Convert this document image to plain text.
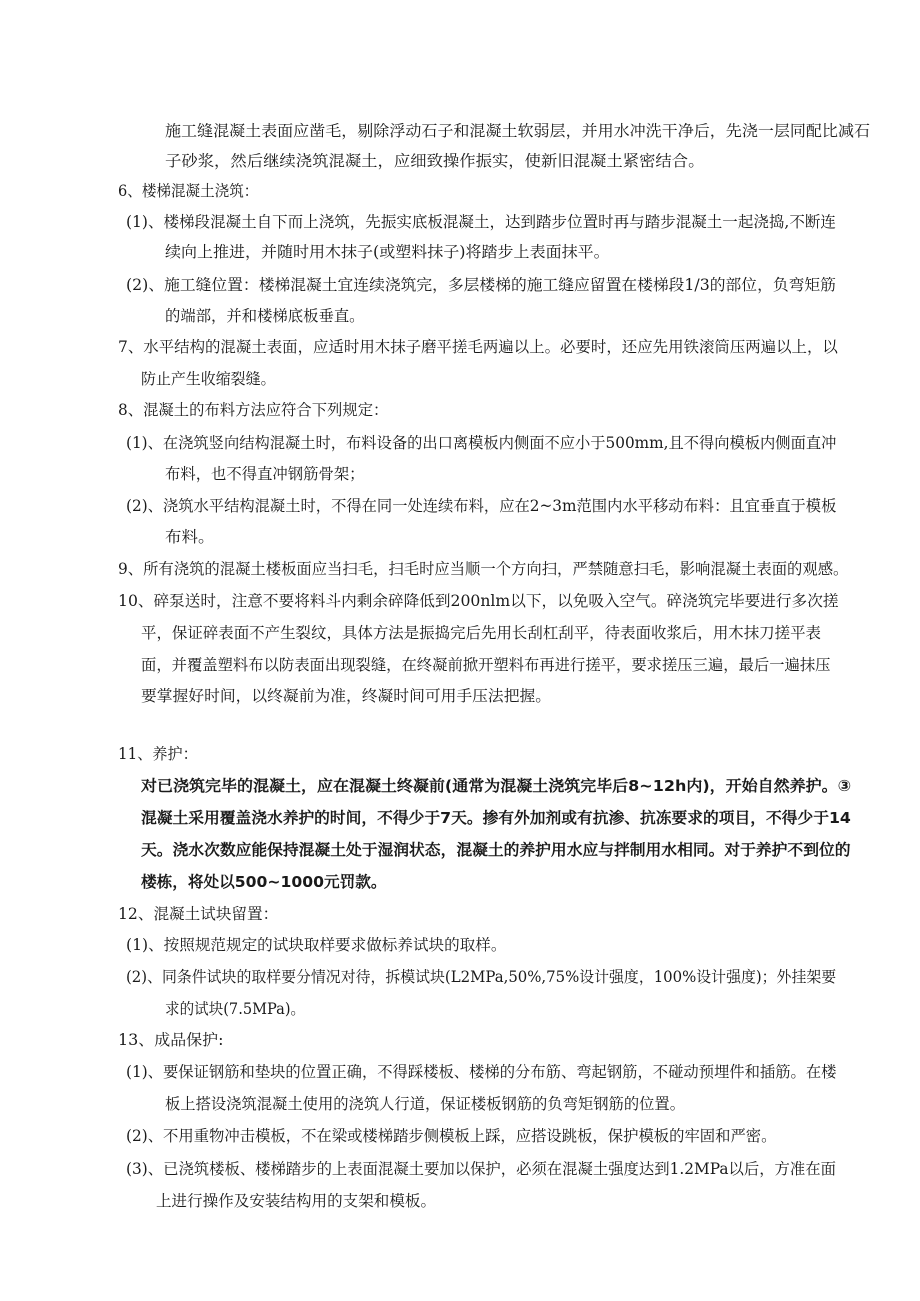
施工缝混凝土表面应凿毛，剔除浮动石子和混凝土软弱层，并用水冲洗干净后，先浇一层同配比减石
子砂浆，然后继续浇筑混凝土，应细致操作振实，使新旧混凝土紧密结合。
6、楼梯混凝土浇筑：
(1)、楼梯段混凝土自下而上浇筑，先振实底板混凝土，达到踏步位置时再与踏步混凝土一起浇捣,不断连
续向上推进，并随时用木抹子(或塑料抹子)将踏步上表面抹平。
(2)、施工缝位置：楼梯混凝土宜连续浇筑完，多层楼梯的施工缝应留置在楼梯段1/3的部位，负弯矩筋
的端部，并和楼梯底板垂直。
7、水平结构的混凝土表面，应适时用木抹子磨平搓毛两遍以上。必要时，还应先用铁滚筒压两遍以上，以
防止产生收缩裂缝。
8、混凝土的布料方法应符合下列规定：
(1)、在浇筑竖向结构混凝土时，布料设备的出口离模板内侧面不应小于500mm,且不得向模板内侧面直冲
布料，也不得直冲钢筋骨架；
(2)、浇筑水平结构混凝土时，不得在同一处连续布料，应在2~3m范围内水平移动布料：且宜垂直于模板
布料。
9、所有浇筑的混凝土楼板面应当扫毛，扫毛时应当顺一个方向扫，严禁随意扫毛，影响混凝土表面的观感。
10、碎泵送时，注意不要将料斗内剩余碎降低到200nlm以下，以免吸入空气。碎浇筑完毕要进行多次搓
平，保证碎表面不产生裂纹，具体方法是振捣完后先用长刮杠刮平，待表面收浆后，用木抹刀搓平表
面，并覆盖塑料布以防表面出现裂缝，在终凝前掀开塑料布再进行搓平，要求搓压三遍，最后一遍抹压
要掌握好时间，以终凝前为准，终凝时间可用手压法把握。
11、养护：
对已浇筑完毕的混凝土，应在混凝土终凝前(通常为混凝土浇筑完毕后8~12h内)，开始自然养护。③
混凝土采用覆盖浇水养护的时间，不得少于7天。掺有外加剂或有抗渗、抗冻要求的项目，不得少于14
天。浇水次数应能保持混凝土处于湿润状态，混凝土的养护用水应与拌制用水相同。对于养护不到位的
楼栋，将处以500~1000元罚款。
12、混凝土试块留置：
(1)、按照规范规定的试块取样要求做标养试块的取样。
(2)、同条件试块的取样要分情况对待，拆模试块(L2MPa,50%,75%设计强度，100%设计强度)；外挂架要
求的试块(7.5MPa)。
13、成品保护:
(1)、要保证钢筋和垫块的位置正确，不得踩楼板、楼梯的分布筋、弯起钢筋，不碰动预埋件和插筋。在楼
板上搭设浇筑混凝土使用的浇筑人行道，保证楼板钢筋的负弯矩钢筋的位置。
(2)、不用重物冲击模板，不在梁或楼梯踏步侧模板上踩，应搭设跳板，保护模板的牢固和严密。
(3)、已浇筑楼板、楼梯踏步的上表面混凝土要加以保护，必须在混凝土强度达到1.2MPa以后，方准在面
上进行操作及安装结构用的支架和模板。
